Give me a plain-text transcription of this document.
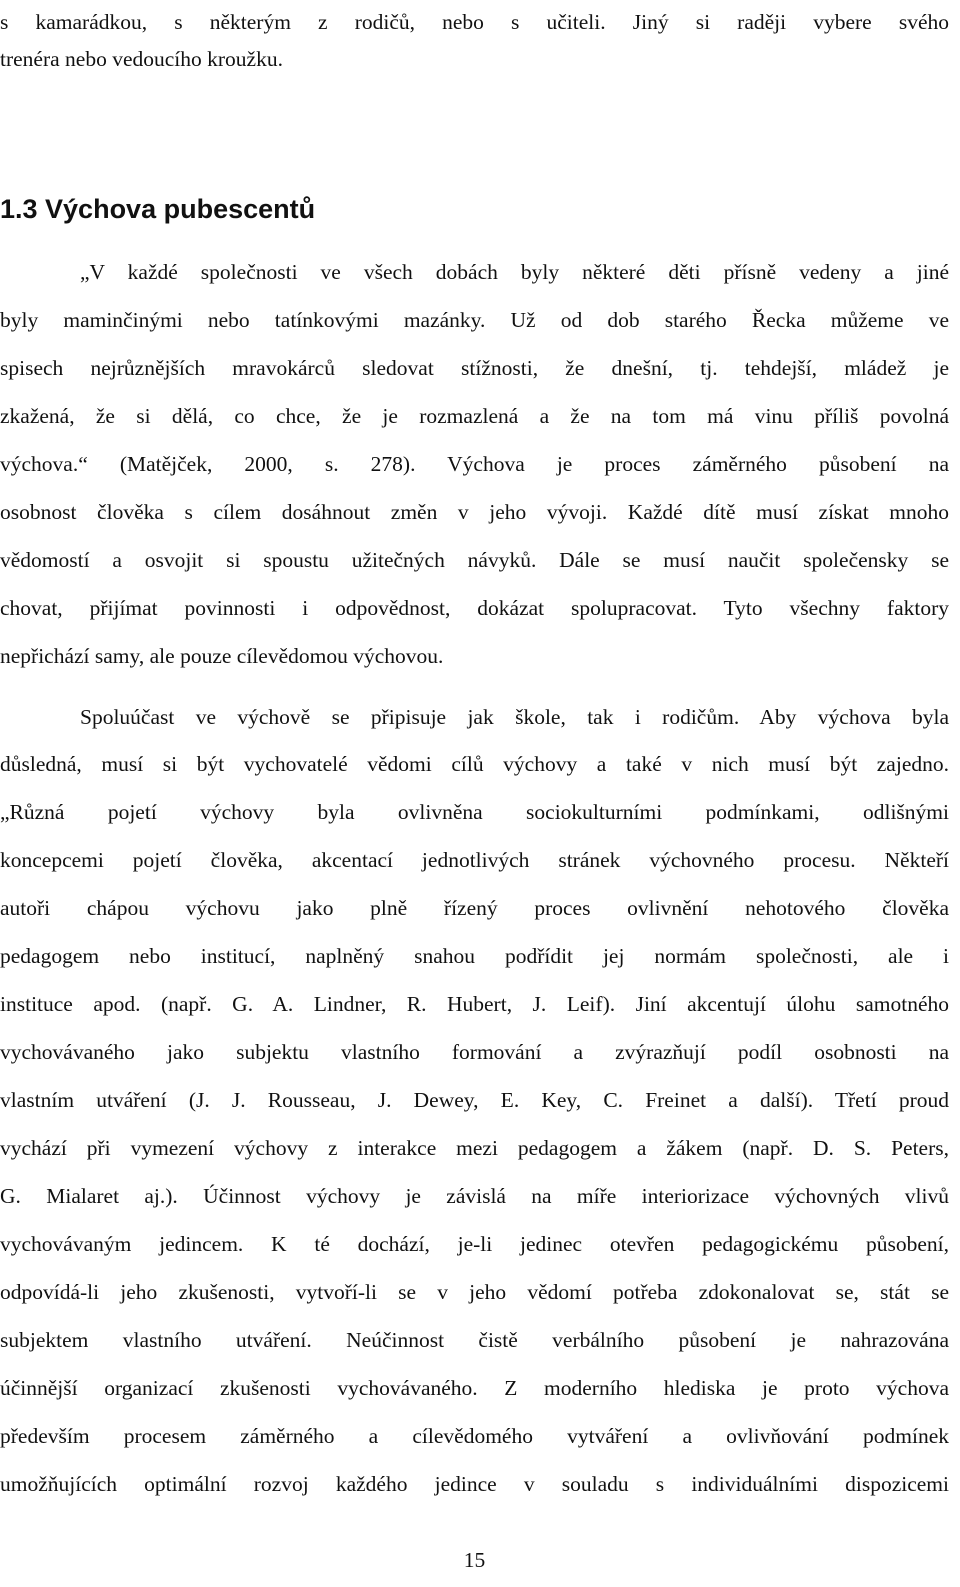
s kamarádkou, s některým z rodičů, nebo s učiteli. Jiný si raději vybere svého
trenéra nebo vedoucího kroužku.
1.3 Výchova pubescentů
„V každé společnosti ve všech dobách byly některé děti přísně vedeny a jiné
byly maminčinými nebo tatínkovými mazánky. Už od dob starého Řecka můžeme ve
spisech nejrůznějších mravokárců sledovat stížnosti, že dnešní, tj. tehdejší, mládež je
zkažená, že si dělá, co chce, že je rozmazlená a že na tom má vinu příliš povolná
výchova.“ (Matějček, 2000, s. 278). Výchova je proces záměrného působení na
osobnost člověka s cílem dosáhnout změn v jeho vývoji. Každé dítě musí získat mnoho
vědomostí a osvojit si spoustu užitečných návyků. Dále se musí naučit společensky se
chovat, přijímat povinnosti i odpovědnost, dokázat spolupracovat. Tyto všechny faktory
nepřichází samy, ale pouze cílevědomou výchovou.
Spoluúčast ve výchově se připisuje jak škole, tak i rodičům. Aby výchova byla
důsledná, musí si být vychovatelé vědomi cílů výchovy a také v nich musí být zajedno.
„Různá pojetí výchovy byla ovlivněna sociokulturními podmínkami, odlišnými
koncepcemi pojetí člověka, akcentací jednotlivých stránek výchovného procesu. Někteří
autoři chápou výchovu jako plně řízený proces ovlivnění nehotového člověka
pedagogem nebo institucí, naplněný snahou podřídit jej normám společnosti, ale i
instituce apod. (např. G. A. Lindner, R. Hubert, J. Leif). Jiní akcentují úlohu samotného
vychovávaného jako subjektu vlastního formování a zvýrazňují podíl osobnosti na
vlastním utváření (J. J. Rousseau, J. Dewey, E. Key, C. Freinet a další). Třetí proud
vychází při vymezení výchovy z interakce mezi pedagogem a žákem (např. D. S. Peters,
G. Mialaret aj.). Účinnost výchovy je závislá na míře interiorizace výchovných vlivů
vychovávaným jedincem. K té dochází, je-li jedinec otevřen pedagogickému působení,
odpovídá-li jeho zkušenosti, vytvoří-li se v jeho vědomí potřeba zdokonalovat se, stát se
subjektem vlastního utváření. Neúčinnost čistě verbálního působení je nahrazována
účinnější organizací zkušenosti vychovávaného. Z moderního hlediska je proto výchova
především procesem záměrného a cílevědomého vytváření a ovlivňování podmínek
umožňujících optimální rozvoj každého jedince v souladu s individuálními dispozicemi
15
